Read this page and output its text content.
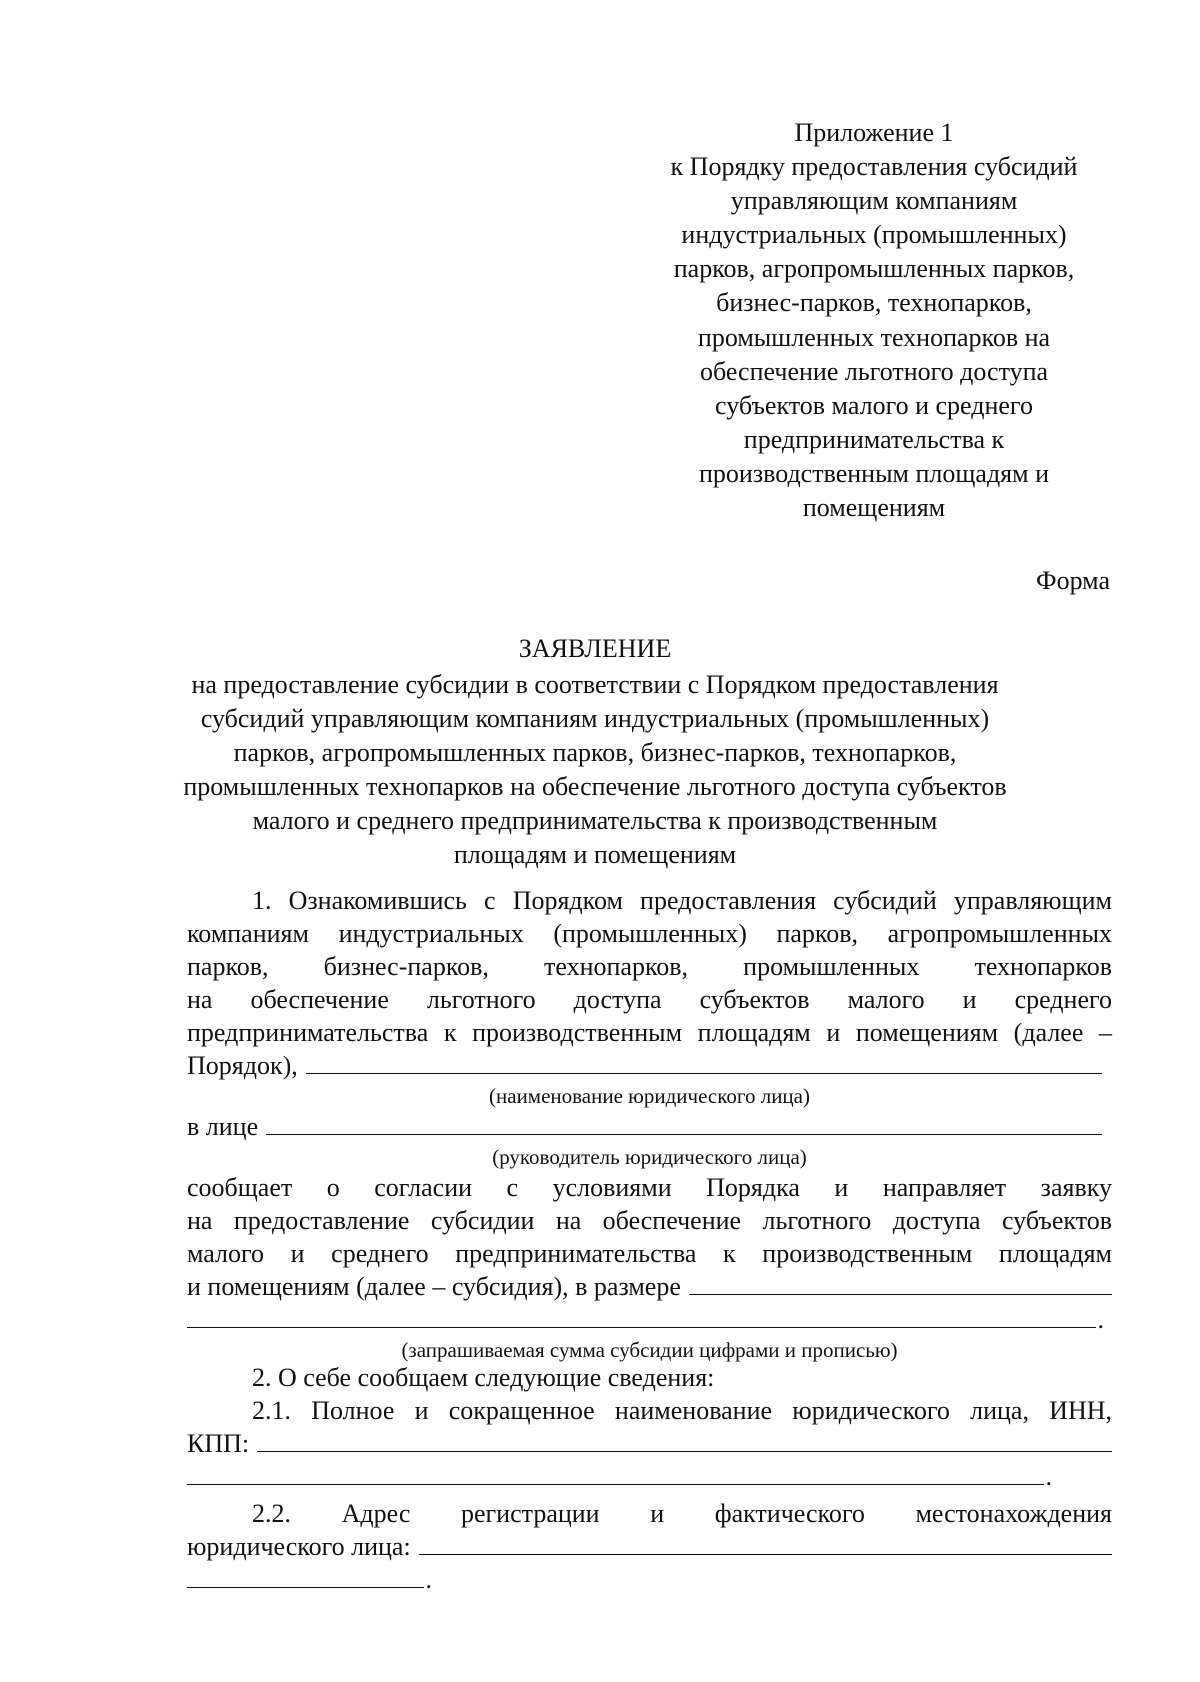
Приложение 1
к Порядку предоставления субсидий
управляющим компаниям
индустриальных (промышленных)
парков, агропромышленных парков,
бизнес-парков, технопарков,
промышленных технопарков на
обеспечение льготного доступа
субъектов малого и среднего
предпринимательства к
производственным площадям и
помещениям
Форма
ЗАЯВЛЕНИЕ
на предоставление субсидии в соответствии с Порядком предоставления
субсидий управляющим компаниям индустриальных (промышленных)
парков, агропромышленных парков, бизнес-парков, технопарков,
промышленных технопарков на обеспечение льготного доступа субъектов
малого и среднего предпринимательства к производственным
площадям и помещениям
1. Ознакомившись с Порядком предоставления субсидий управляющим
компаниям индустриальных (промышленных) парков, агропромышленных
парков, бизнес-парков, технопарков, промышленных технопарков
на обеспечение льготного доступа субъектов малого и среднего
предпринимательства к производственным площадям и помещениям (далее –
Порядок),
(наименование юридического лица)
в лице
(руководитель юридического лица)
сообщает о согласии с условиями Порядка и направляет заявку
на предоставление субсидии на обеспечение льготного доступа субъектов
малого и среднего предпринимательства к производственным площадям
и помещениям (далее – субсидия), в размере
.
(запрашиваемая сумма субсидии цифрами и прописью)
2. О себе сообщаем следующие сведения:
2.1. Полное и сокращенное наименование юридического лица, ИНН,
КПП:
.
2.2. Адрес регистрации и фактического местонахождения
юридического лица:
.
